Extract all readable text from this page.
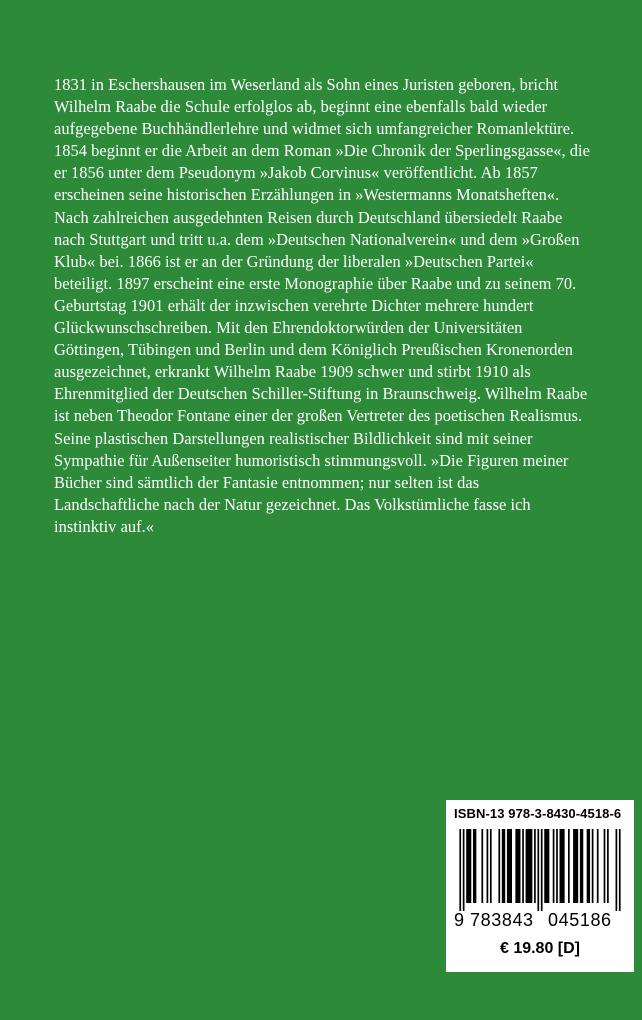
1831 in Eschershausen im Weserland als Sohn eines Juristen geboren, bricht
Wilhelm Raabe die Schule erfolglos ab, beginnt eine ebenfalls bald wieder
aufgegebene Buchhändlerlehre und widmet sich umfangreicher Romanlektüre.
1854 beginnt er die Arbeit an dem Roman »Die Chronik der Sperlingsgasse«, die
er 1856 unter dem Pseudonym »Jakob Corvinus« veröffentlicht. Ab 1857
erscheinen seine historischen Erzählungen in »Westermanns Monatsheften«.
Nach zahlreichen ausgedehnten Reisen durch Deutschland übersiedelt Raabe
nach Stuttgart und tritt u.a. dem »Deutschen Nationalverein« und dem »Großen
Klub« bei. 1866 ist er an der Gründung der liberalen »Deutschen Partei«
beteiligt. 1897 erscheint eine erste Monographie über Raabe und zu seinem 70.
Geburtstag 1901 erhält der inzwischen verehrte Dichter mehrere hundert
Glückwunschschreiben. Mit den Ehrendoktorwürden der Universitäten
Göttingen, Tübingen und Berlin und dem Königlich Preußischen Kronenorden
ausgezeichnet, erkrankt Wilhelm Raabe 1909 schwer und stirbt 1910 als
Ehrenmitglied der Deutschen Schiller-Stiftung in Braunschweig. Wilhelm Raabe
ist neben Theodor Fontane einer der großen Vertreter des poetischen Realismus.
Seine plastischen Darstellungen realistischer Bildlichkeit sind mit seiner
Sympathie für Außenseiter humoristisch stimmungsvoll. »Die Figuren meiner
Bücher sind sämtlich der Fantasie entnommen; nur selten ist das
Landschaftliche nach der Natur gezeichnet. Das Volkstümliche fasse ich
instinktiv auf.«

ISBN-13 978-3-8430-4518-6
9 783843 045186
€ 19.80 [D]
